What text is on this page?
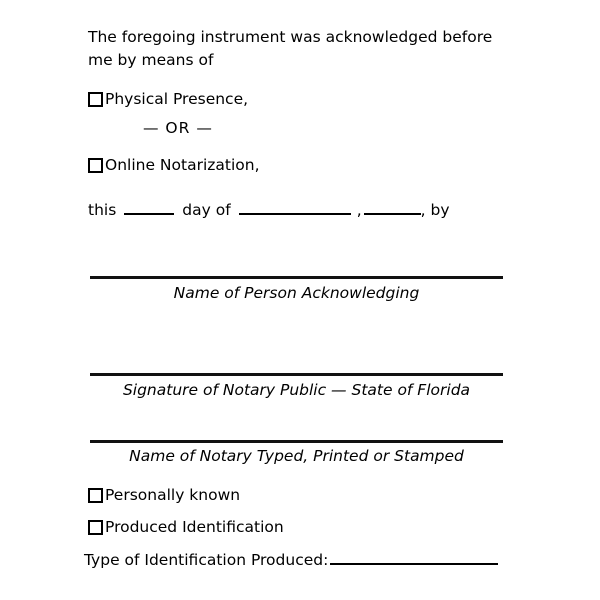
The foregoing instrument was acknowledged before
me by means of
Physical Presence,
— OR —
Online Notarization,
this	day of	,	, by
Name of Person Acknowledging
Signature of Notary Public — State of Florida
Name of Notary Typed, Printed or Stamped
Personally known
Produced Identification
Type of Identification Produced:
